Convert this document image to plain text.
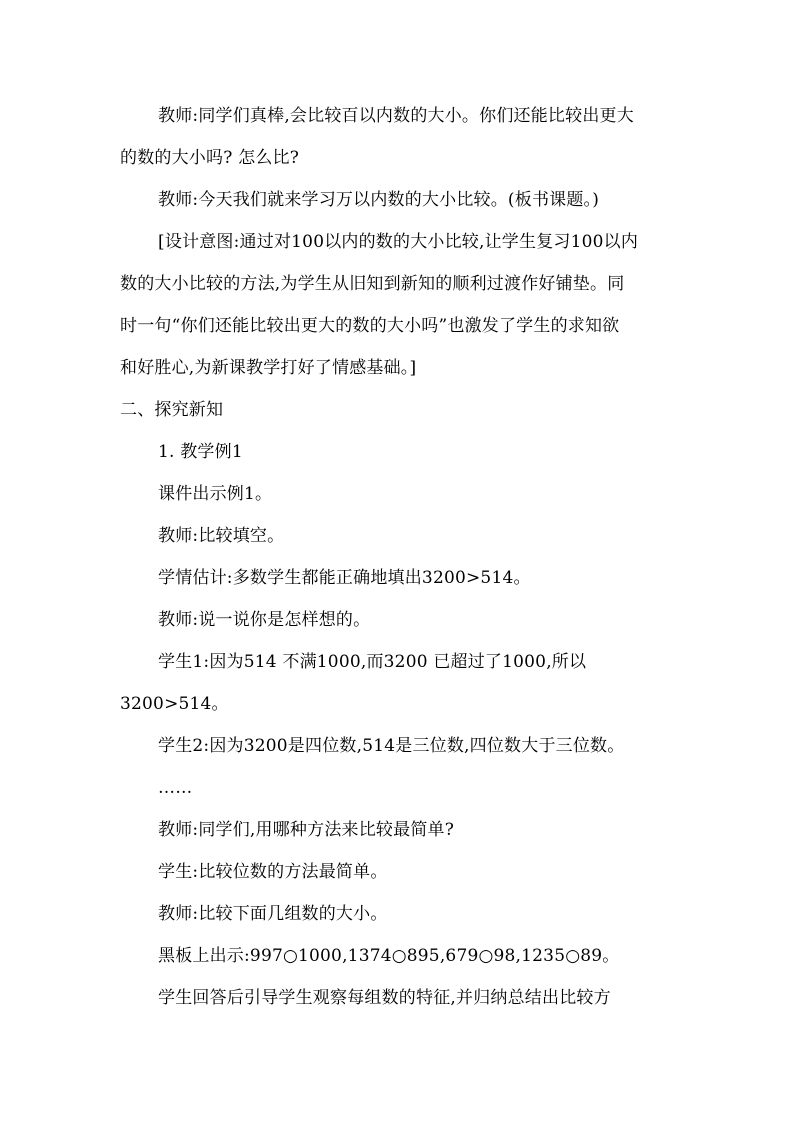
教师:同学们真棒,会比较百以内数的大小。你们还能比较出更大
的数的大小吗? 怎么比?
教师:今天我们就来学习万以内数的大小比较。(板书课题。)
[设计意图:通过对100以内的数的大小比较,让学生复习100以内
数的大小比较的方法,为学生从旧知到新知的顺利过渡作好铺垫。同
时一句“你们还能比较出更大的数的大小吗”也激发了学生的求知欲
和好胜心,为新课教学打好了情感基础。]
二、探究新知
1. 教学例1
课件出示例1。
教师:比较填空。
学情估计:多数学生都能正确地填出3200>514。
教师:说一说你是怎样想的。
学生1:因为514 不满1000,而3200 已超过了1000,所以
3200>514。
学生2:因为3200是四位数,514是三位数,四位数大于三位数。
……
教师:同学们,用哪种方法来比较最简单?
学生:比较位数的方法最简单。
教师:比较下面几组数的大小。
黑板上出示:997○1000,1374○895,679○98,1235○89。
学生回答后引导学生观察每组数的特征,并归纳总结出比较方
